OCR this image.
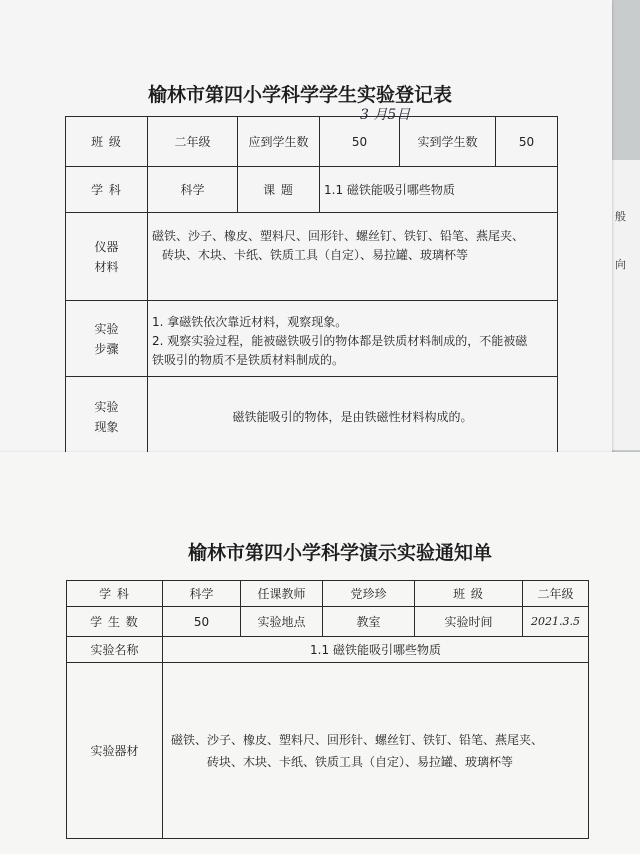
般
向
榆林市第四小学科学学生实验登记表
3 月5日
班 级	二年级	应到学生数	50	实到学生数	50
学 科	科学	课 题	1.1 磁铁能吸引哪些物质		

仪器
材料	磁铁、沙子、橡皮、塑料尺、回形针、螺丝钉、铁钉、铅笔、燕尾夹、
砖块、木块、卡纸、铁质工具（自定）、易拉罐、玻璃杯等				

实验
步骤	1. 拿磁铁依次靠近材料，观察现象。
2. 观察实验过程，能被磁铁吸引的物体都是铁质材料制成的，不能被磁
铁吸引的物质不是铁质材料制成的。				

实验
现象	磁铁能吸引的物体，是由铁磁性材料构成的。				
榆林市第四小学科学演示实验通知单
学 科	科学	任课教师	党珍珍	班 级	二年级
学 生 数	50	实验地点	教室	实验时间	2021.3.5
实验名称	1.1 磁铁能吸引哪些物质				
实验器材	磁铁、沙子、橡皮、塑料尺、回形针、螺丝钉、铁钉、铅笔、燕尾夹、
砖块、木块、卡纸、铁质工具（自定）、易拉罐、玻璃杯等				
